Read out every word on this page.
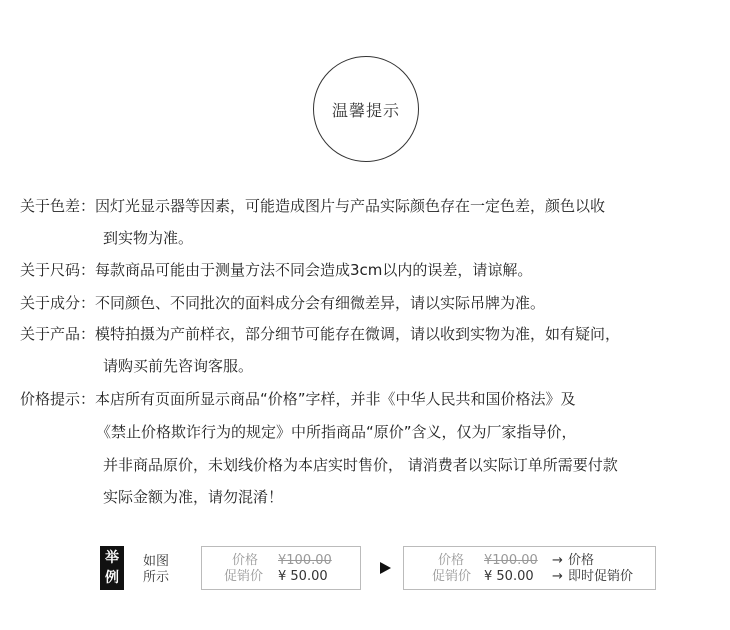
温馨提示
关于色差：因灯光显示器等因素，可能造成图片与产品实际颜色存在一定色差，颜色以收
到实物为准。
关于尺码：每款商品可能由于测量方法不同会造成3cm以内的误差，请谅解。
关于成分：不同颜色、不同批次的面料成分会有细微差异，请以实际吊牌为准。
关于产品：模特拍摄为产前样衣，部分细节可能存在微调，请以收到实物为准，如有疑问，
请购买前先咨询客服。
价格提示：本店所有页面所显示商品“价格”字样，并非《中华人民共和国价格法》及
《禁止价格欺诈行为的规定》中所指商品“原价”含义，仅为厂家指导价，
并非商品原价，未划线价格为本店实时售价， 请消费者以实际订单所需要付款
实际金额为准，请勿混淆！
举
例
如图
所示
价格 ¥100.00
促销价 ¥ 50.00
价格 ¥100.00 → 价格
促销价 ¥ 50.00 → 即时促销价
